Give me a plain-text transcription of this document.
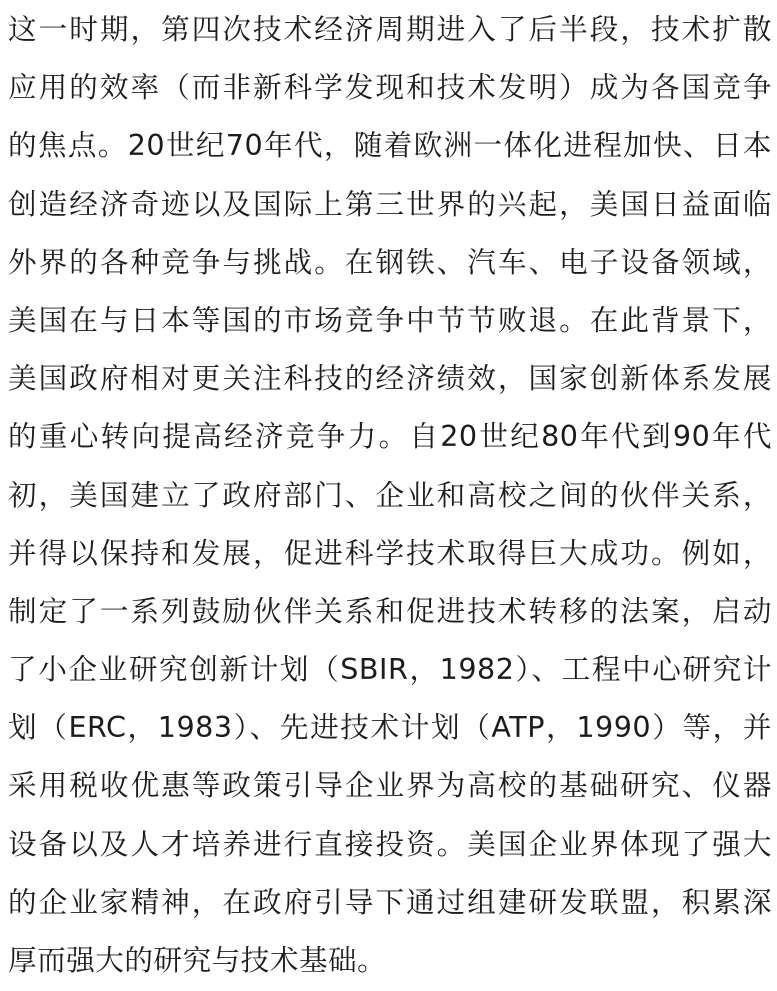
这一时期，第四次技术经济周期进入了后半段，技术扩散
应用的效率（而非新科学发现和技术发明）成为各国竞争
的焦点。20世纪70年代，随着欧洲一体化进程加快、日本
创造经济奇迹以及国际上第三世界的兴起，美国日益面临
外界的各种竞争与挑战。在钢铁、汽车、电子设备领域，
美国在与日本等国的市场竞争中节节败退。在此背景下，
美国政府相对更关注科技的经济绩效，国家创新体系发展
的重心转向提高经济竞争力。自20世纪80年代到90年代
初，美国建立了政府部门、企业和高校之间的伙伴关系，
并得以保持和发展，促进科学技术取得巨大成功。例如，
制定了一系列鼓励伙伴关系和促进技术转移的法案，启动
了小企业研究创新计划（SBIR，1982）、工程中心研究计
划（ERC，1983）、先进技术计划（ATP，1990）等，并
采用税收优惠等政策引导企业界为高校的基础研究、仪器
设备以及人才培养进行直接投资。美国企业界体现了强大
的企业家精神，在政府引导下通过组建研发联盟，积累深
厚而强大的研究与技术基础。
